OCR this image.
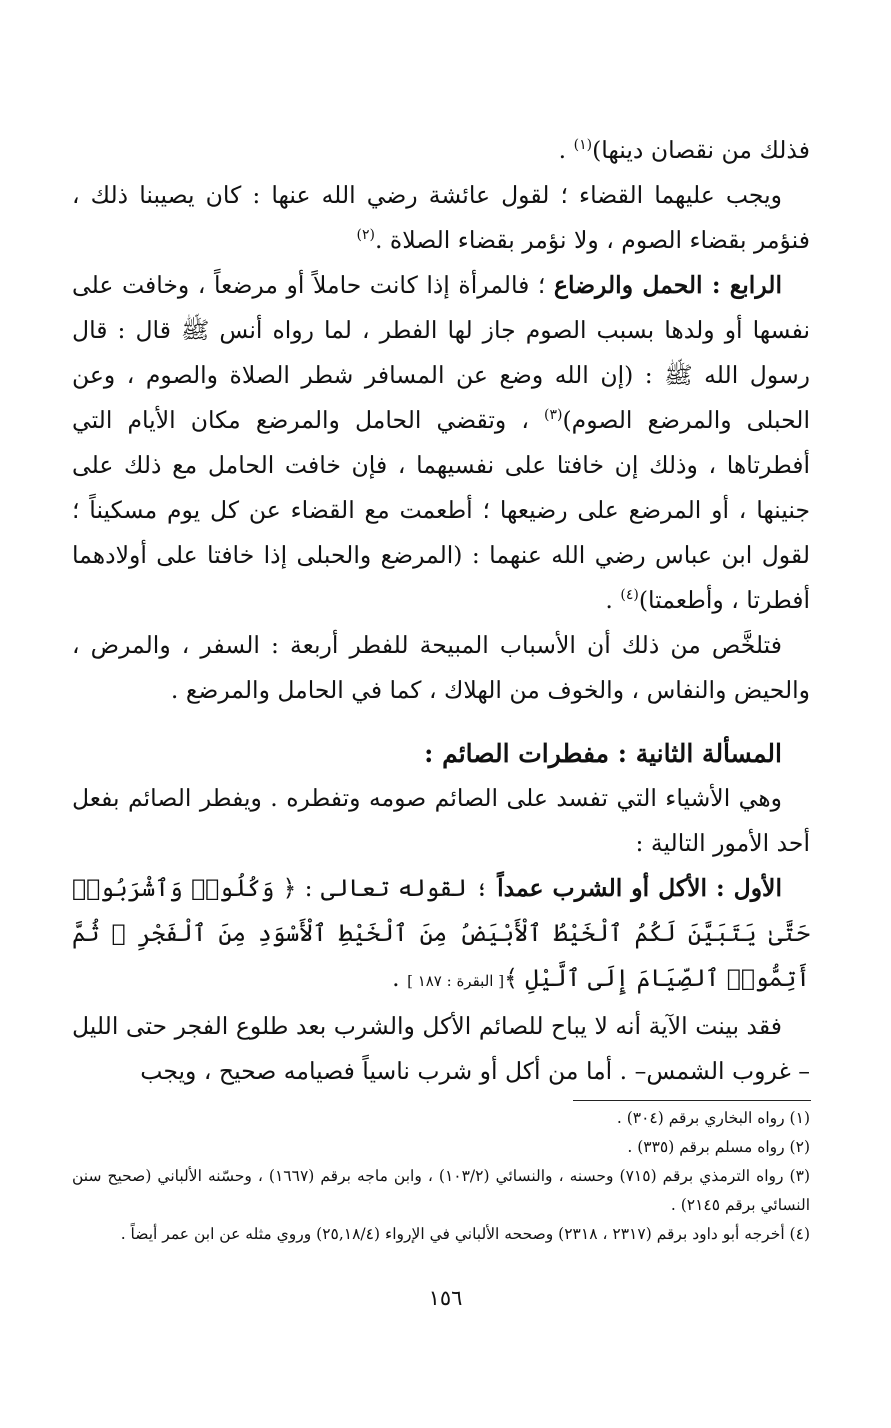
فذلك من نقصان دينها)$^{(١)}$ .

ويجب عليهما القضاء ؛ لقول عائشة رضي الله عنها : كان يصيبنا ذلك ، فنؤمر بقضاء الصوم ، ولا نؤمر بقضاء الصلاة .$^{(٢)}$

الرابع : الحمل والرضاع ؛ فالمرأة إذا كانت حاملاً أو مرضعاً ، وخافت على نفسها أو ولدها بسبب الصوم جاز لها الفطر ، لما رواه أنس ﷺ قال : قال رسول الله ﷺ : (إن الله وضع عن المسافر شطر الصلاة والصوم ، وعن الحبلى والمرضع الصوم)$^{(٣)}$ ، وتقضي الحامل والمرضع مكان الأيام التي أفطرتاها ، وذلك إن خافتا على نفسيهما ، فإن خافت الحامل مع ذلك على جنينها ، أو المرضع على رضيعها ؛ أطعمت مع القضاء عن كل يوم مسكيناً ؛ لقول ابن عباس رضي الله عنهما : (المرضع والحبلى إذا خافتا على أولادهما أفطرتا ، وأطعمتا)$^{(٤)}$ .

فتلخَّص من ذلك أن الأسباب المبيحة للفطر أربعة : السفر ، والمرض ، والحيض والنفاس ، والخوف من الهلاك ، كما في الحامل والمرضع .

المسألة الثانية : مفطرات الصائم :

وهي الأشياء التي تفسد على الصائم صومه وتفطره . ويفطر الصائم بفعل أحد الأمور التالية :

الأول : الأكل أو الشرب عمداً ؛ لقوله تعالى : ﴿ وَكُلُوا۟ وَٱشْرَبُوا۟ حَتَّىٰ يَتَبَيَّنَ لَكُمُ ٱلْخَيْطُ ٱلْأَبْيَضُ مِنَ ٱلْخَيْطِ ٱلْأَسْوَدِ مِنَ ٱلْفَجْرِ ۖ ثُمَّ أَتِمُّوا۟ ٱلصِّيَامَ إِلَى ٱلَّيْلِ ﴾[ البقرة : ١٨٧ ] .

فقد بينت الآية أنه لا يباح للصائم الأكل والشرب بعد طلوع الفجر حتى الليل – غروب الشمس– . أما من أكل أو شرب ناسياً فصيامه صحيح ، ويجب

(١) رواه البخاري برقم (٣٠٤) .

(٢) رواه مسلم برقم (٣٣٥) .

(٣) رواه الترمذي برقم (٧١٥) وحسنه ، والنسائي (١٠٣/٢) ، وابن ماجه برقم (١٦٦٧) ، وحسّنه الألباني (صحيح سنن النسائي برقم ٢١٤٥) .

(٤) أخرجه أبو داود برقم (٢٣١٧ ، ٢٣١٨) وصححه الألباني في الإرواء (٢٥,١٨/٤) وروي مثله عن ابن عمر أيضاً .

١٥٦
